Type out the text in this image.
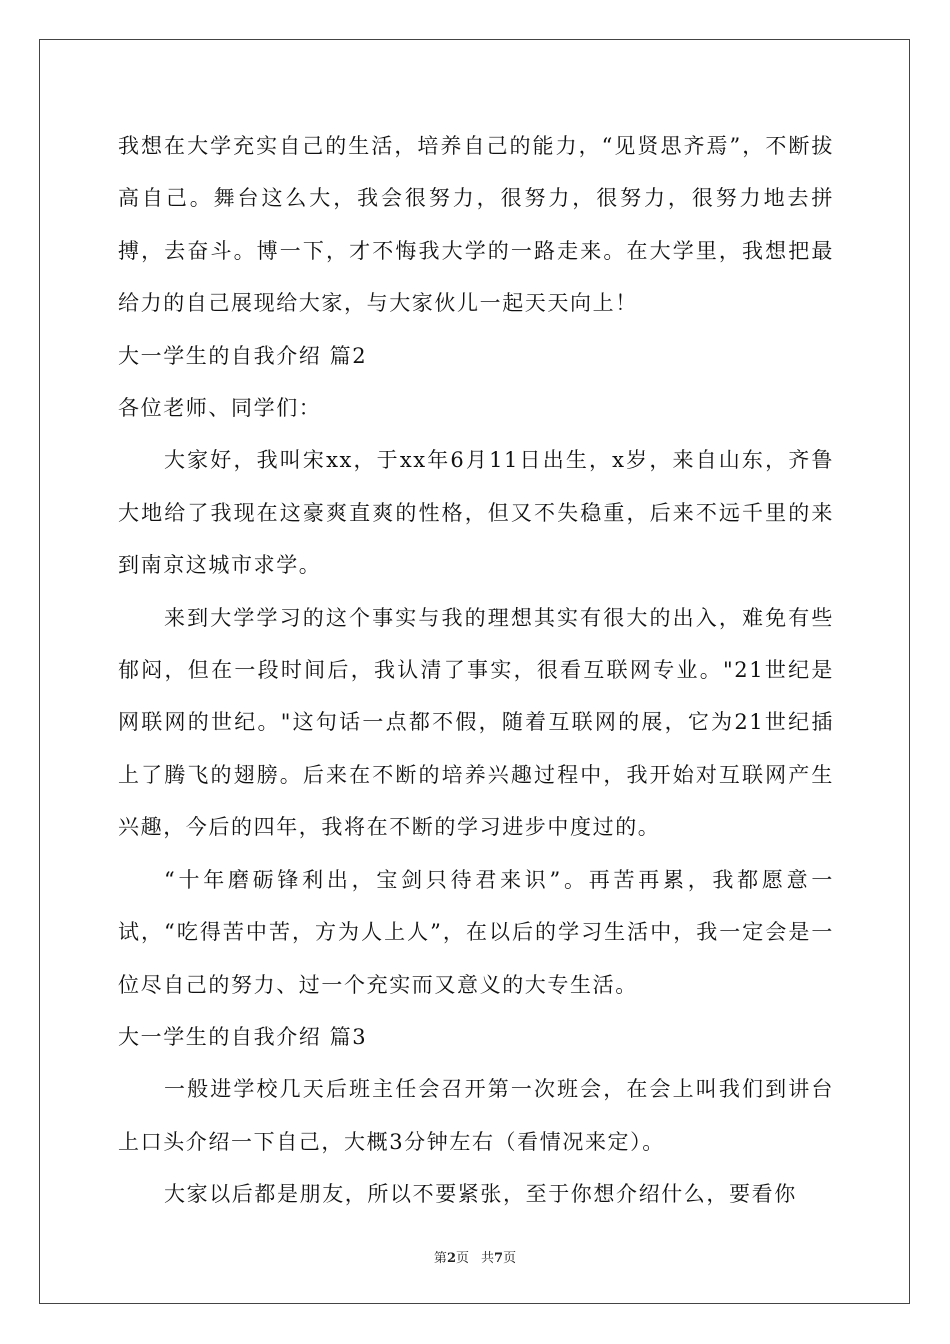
我想在大学充实自己的生活，培养自己的能力，“见贤思齐焉”，不断拔高自己。舞台这么大，我会很努力，很努力，很努力，很努力地去拼搏，去奋斗。博一下，才不悔我大学的一路走来。在大学里，我想把最给力的自己展现给大家，与大家伙儿一起天天向上！

大一学生的自我介绍 篇2

各位老师、同学们：

大家好，我叫宋xx，于xx年6月11日出生，x岁，来自山东，齐鲁大地给了我现在这豪爽直爽的性格，但又不失稳重，后来不远千里的来到南京这城市求学。

来到大学学习的这个事实与我的理想其实有很大的出入，难免有些郁闷，但在一段时间后，我认清了事实，很看互联网专业。"21世纪是网联网的世纪。"这句话一点都不假，随着互联网的展，它为21世纪插上了腾飞的翅膀。后来在不断的培养兴趣过程中，我开始对互联网产生兴趣，今后的四年，我将在不断的学习进步中度过的。

“十年磨砺锋利出，宝剑只待君来识”。再苦再累，我都愿意一试，“吃得苦中苦，方为人上人”，在以后的学习生活中，我一定会是一位尽自己的努力、过一个充实而又意义的大专生活。

大一学生的自我介绍 篇3

一般进学校几天后班主任会召开第一次班会，在会上叫我们到讲台上口头介绍一下自己，大概3分钟左右（看情况来定）。

大家以后都是朋友，所以不要紧张，至于你想介绍什么，要看你

第2页 共7页
